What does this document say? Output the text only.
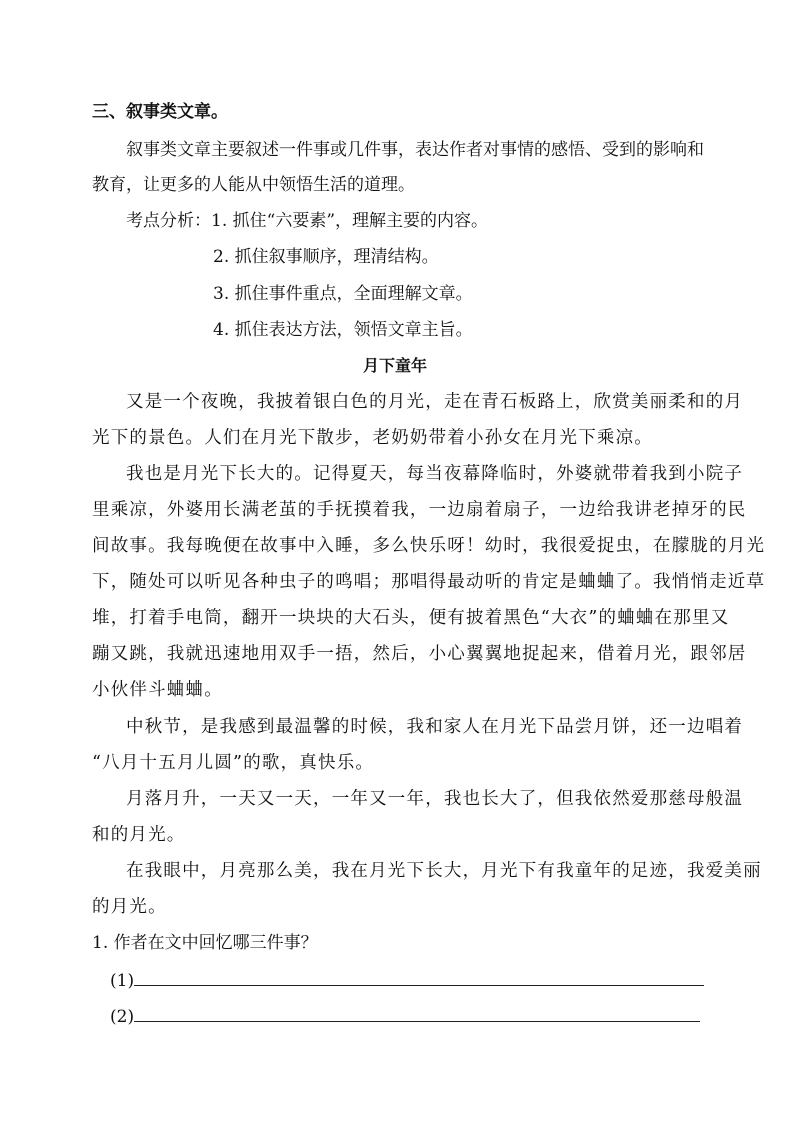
三、叙事类文章。
叙事类文章主要叙述一件事或几件事，表达作者对事情的感悟、受到的影响和
教育，让更多的人能从中领悟生活的道理。
考点分析：1. 抓住“六要素”，理解主要的内容。
2. 抓住叙事顺序，理清结构。
3. 抓住事件重点，全面理解文章。
4. 抓住表达方法，领悟文章主旨。
月下童年
又是一个夜晚，我披着银白色的月光，走在青石板路上，欣赏美丽柔和的月
光下的景色。人们在月光下散步，老奶奶带着小孙女在月光下乘凉。
我也是月光下长大的。记得夏天，每当夜幕降临时，外婆就带着我到小院子
里乘凉，外婆用长满老茧的手抚摸着我，一边扇着扇子，一边给我讲老掉牙的民
间故事。我每晚便在故事中入睡，多么快乐呀！幼时，我很爱捉虫，在朦胧的月光
下，随处可以听见各种虫子的鸣唱；那唱得最动听的肯定是蛐蛐了。我悄悄走近草
堆，打着手电筒，翻开一块块的大石头，便有披着黑色“大衣”的蛐蛐在那里又
蹦又跳，我就迅速地用双手一捂，然后，小心翼翼地捉起来，借着月光，跟邻居
小伙伴斗蛐蛐。
中秋节，是我感到最温馨的时候，我和家人在月光下品尝月饼，还一边唱着
“八月十五月儿圆”的歌，真快乐。
月落月升，一天又一天，一年又一年，我也长大了，但我依然爱那慈母般温
和的月光。
在我眼中，月亮那么美，我在月光下长大，月光下有我童年的足迹，我爱美丽
的月光。
1. 作者在文中回忆哪三件事？
(1)
(2)
